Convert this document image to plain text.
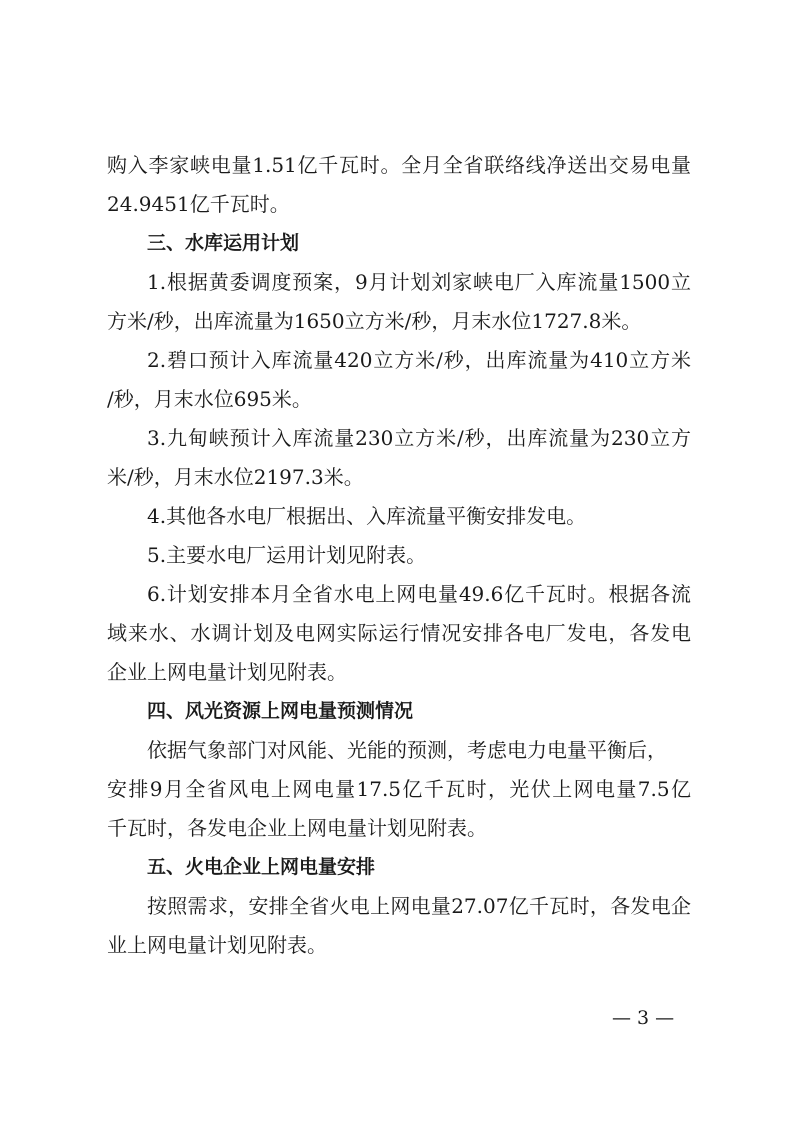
购入李家峡电量1.51亿千瓦时。全月全省联络线净送出交易电量
24.9451亿千瓦时。
三、水库运用计划
1.根据黄委调度预案，9月计划刘家峡电厂入库流量1500立
方米/秒，出库流量为1650立方米/秒，月末水位1727.8米。
2.碧口预计入库流量420立方米/秒，出库流量为410立方米
/秒，月末水位695米。
3.九甸峡预计入库流量230立方米/秒，出库流量为230立方
米/秒，月末水位2197.3米。
4.其他各水电厂根据出、入库流量平衡安排发电。
5.主要水电厂运用计划见附表。
6.计划安排本月全省水电上网电量49.6亿千瓦时。根据各流
域来水、水调计划及电网实际运行情况安排各电厂发电，各发电
企业上网电量计划见附表。
四、风光资源上网电量预测情况
依据气象部门对风能、光能的预测，考虑电力电量平衡后，
安排9月全省风电上网电量17.5亿千瓦时，光伏上网电量7.5亿
千瓦时，各发电企业上网电量计划见附表。
五、火电企业上网电量安排
按照需求，安排全省火电上网电量27.07亿千瓦时，各发电企
业上网电量计划见附表。
— 3 —
